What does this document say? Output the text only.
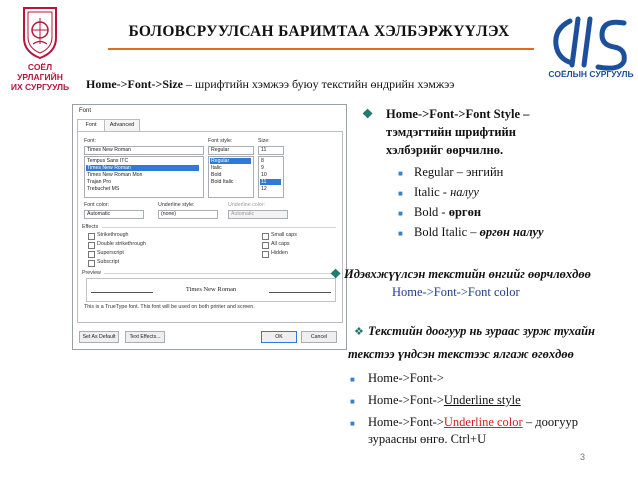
СОЁЛ УРЛАГИЙН
ИХ СУРГУУЛЬ
СОЁЛЫН СУРГУУЛЬ
БОЛОВСРУУЛСАН БАРИМТАА ХЭЛБЭРЖҮҮЛЭХ
Home->Font->Size – шрифтийн хэмжээ буюу текстийн өндрийн хэмжээ
Font
Font	Advanced
Font:	Font style:	Size:
Times New Roman
Tempus Sans ITC
Times New Roman
Times New Roman Mon
Trajan Pro
Trebuchet MS
Regular
Regular
Italic
Bold
Bold Italic
11
8
9
10
11
12
Font color:	Underline style:	Underline color:
Automatic	(none)	Automatic
Effects
Strikethrough
Double strikethrough
Superscript
Subscript
Small caps
All caps
Hidden
Preview
Times New Roman
This is a TrueType font. This font will be used on both printer and screen.
Set As Default	Text Effects...	OK	Cancel
❖ Home->Font->Font Style –
тэмдэгтийн шрифтийн
хэлбэрийг өөрчилнө.
■ Regular – энгийн
■ Italic - налуу
■ Bold - өргөн
■ Bold Italic – өргөн налуу
❖ Идэвхжүүлсэн текстийн өнгийг өөрчлөхдөө
Home->Font->Font color
❖ Текстийн доогуур нь зураас зурж тухайн
текстээ үндсэн текстээс ялгаж өгөхдөө
■ Home->Font->
■ Home->Font->Underline style
■ Home->Font->Underline color – доогуур
зураасны өнгө. Ctrl+U
3
